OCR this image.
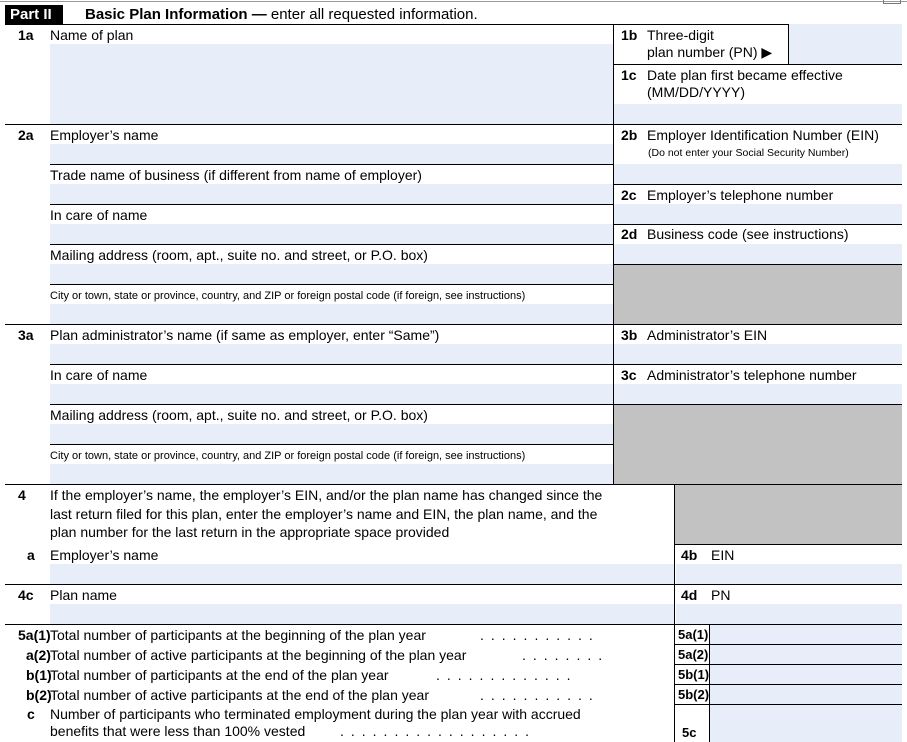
Part II	Basic Plan Information — enter all requested information.
1a Name of plan	1b Three-digit
plan number (PN) ▶
1c Date plan first became effective
(MM/DD/YYYY)
2a Employer’s name
Trade name of business (if different from name of employer)
In care of name
Mailing address (room, apt., suite no. and street, or P.O. box)
City or town, state or province, country, and ZIP or foreign postal code (if foreign, see instructions)
2b Employer Identification Number (EIN)
(Do not enter your Social Security Number)
2c Employer’s telephone number
2d Business code (see instructions)
3a Plan administrator’s name (if same as employer, enter “Same”)
In care of name
Mailing address (room, apt., suite no. and street, or P.O. box)
City or town, state or province, country, and ZIP or foreign postal code (if foreign, see instructions)
3b Administrator’s EIN
3c Administrator’s telephone number
4 If the employer’s name, the employer’s EIN, and/or the plan name has changed since the
last return filed for this plan, enter the employer’s name and EIN, the plan name, and the
plan number for the last return in the appropriate space provided
a Employer’s name	4b EIN
4c Plan name	4d PN
5a(1) Total number of participants at the beginning of the plan year	...........	5a(1)
a(2) Total number of active participants at the beginning of the plan year	........	5a(2)
b(1)
Total number of participants at the end of the plan year	.............	5b(1)
b(2)
Total number of active participants at the end of the plan year	...........	5b(2)
c Number of participants who terminated employment during the plan year with accrued
benefits that were less than 100% vested ..................	5c
